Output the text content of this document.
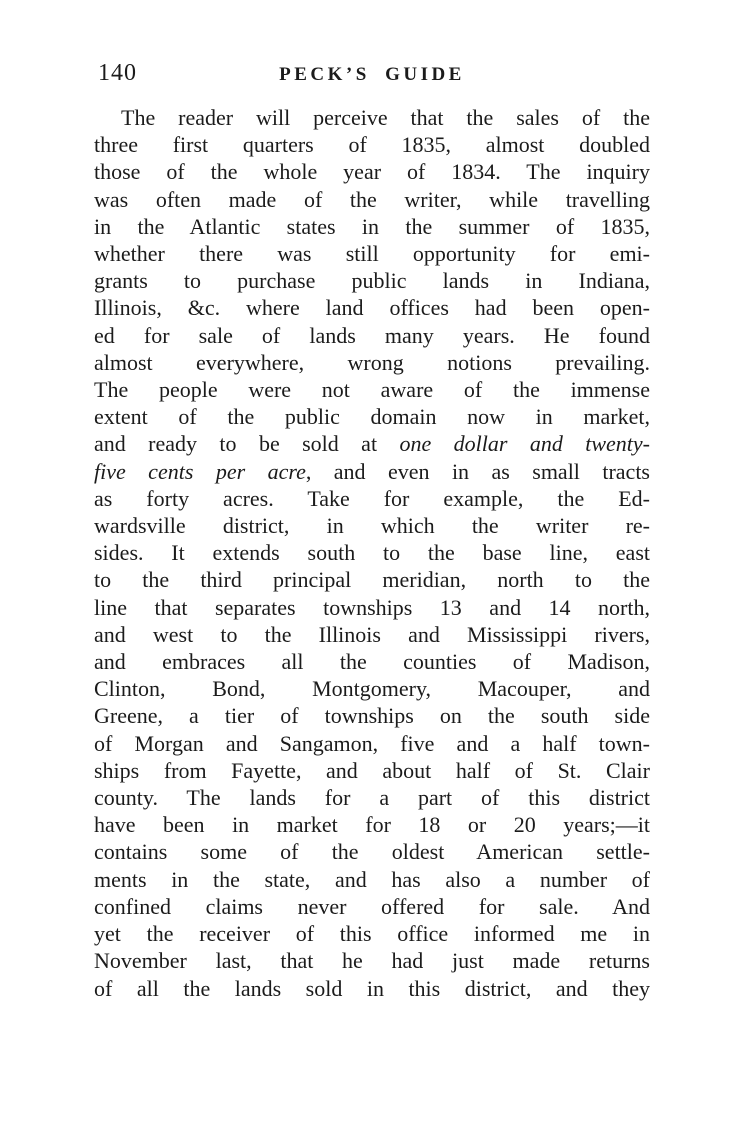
140	PECK’S GUIDE
The reader will perceive that the sales of the
three first quarters of 1835, almost doubled
those of the whole year of 1834. The inquiry
was often made of the writer, while travelling
in the Atlantic states in the summer of 1835,
whether there was still opportunity for emi-
grants to purchase public lands in Indiana,
Illinois, &c. where land offices had been open-
ed for sale of lands many years. He found
almost everywhere, wrong notions prevailing.
The people were not aware of the immense
extent of the public domain now in market,
and ready to be sold at one dollar and twenty-
five cents per acre, and even in as small tracts
as forty acres. Take for example, the Ed-
wardsville district, in which the writer re-
sides. It extends south to the base line, east
to the third principal meridian, north to the
line that separates townships 13 and 14 north,
and west to the Illinois and Mississippi rivers,
and embraces all the counties of Madison,
Clinton, Bond, Montgomery, Macouper, and
Greene, a tier of townships on the south side
of Morgan and Sangamon, five and a half town-
ships from Fayette, and about half of St. Clair
county. The lands for a part of this district
have been in market for 18 or 20 years;—it
contains some of the oldest American settle-
ments in the state, and has also a number of
confined claims never offered for sale. And
yet the receiver of this office informed me in
November last, that he had just made returns
of all the lands sold in this district, and they
